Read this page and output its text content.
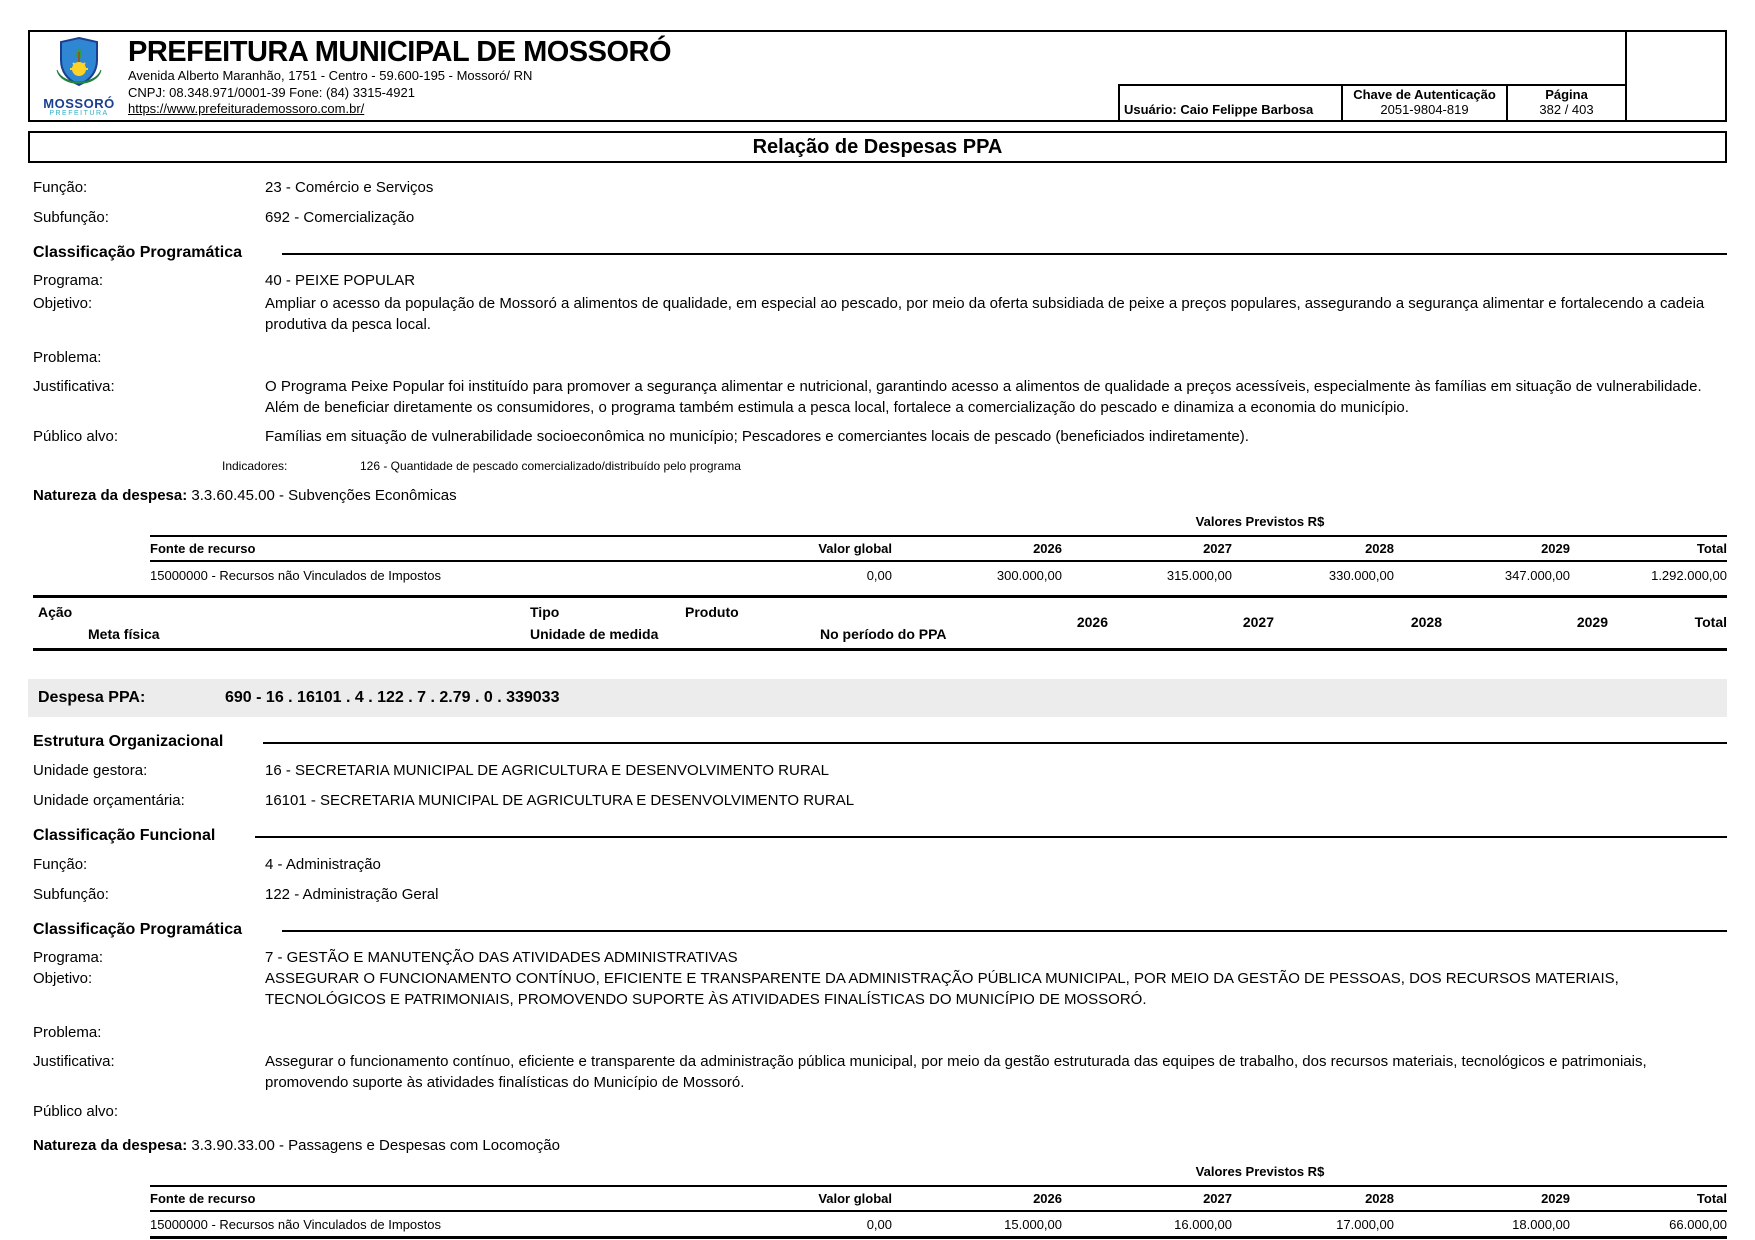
MOSSORÓ
PREFEITURA
PREFEITURA MUNICIPAL DE MOSSORÓ
Avenida Alberto Maranhão, 1751 - Centro - 59.600-195 - Mossoró/ RN
CNPJ: 08.348.971/0001-39 Fone: (84) 3315-4921
https://www.prefeiturademossoro.com.br/	Usuário: Caio Felippe Barbosa
Chave de Autenticação
2051-9804-819
Página
382 / 403
Relação de Despesas PPA
Função:	23 - Comércio e Serviços
Subfunção:	692 - Comercialização
Classificação Programática
Programa:	40 - PEIXE POPULAR
Objetivo:	Ampliar o acesso da população de Mossoró a alimentos de qualidade, em especial ao pescado, por meio da oferta subsidiada de peixe a preços populares, assegurando a segurança alimentar e fortalecendo a cadeia produtiva da pesca local.
Problema:
Justificativa:	O Programa Peixe Popular foi instituído para promover a segurança alimentar e nutricional, garantindo acesso a alimentos de qualidade a preços acessíveis, especialmente às famílias em situação de vulnerabilidade. Além de beneficiar diretamente os consumidores, o programa também estimula a pesca local, fortalece a comercialização do pescado e dinamiza a economia do município.
Público alvo:	Famílias em situação de vulnerabilidade socioeconômica no município; Pescadores e comerciantes locais de pescado (beneficiados indiretamente).
Indicadores:	126 - Quantidade de pescado comercializado/distribuído pelo programa
Natureza da despesa: 3.3.60.45.00 - Subvenções Econômicas
Valores Previstos R$
Fonte de recurso	Valor global	2026	2027	2028	2029	Total
15000000 - Recursos não Vinculados de Impostos	0,00	300.000,00	315.000,00	330.000,00	347.000,00	1.292.000,00
Ação	Tipo	Produto
Meta física	Unidade de medida	No período do PPA
2026	2027	2028	2029	Total
Despesa PPA:	690 - 16 . 16101 . 4 . 122 . 7 . 2.79 . 0 . 339033
Estrutura Organizacional
Unidade gestora:	16 - SECRETARIA MUNICIPAL DE AGRICULTURA E DESENVOLVIMENTO RURAL
Unidade orçamentária:	16101 - SECRETARIA MUNICIPAL DE AGRICULTURA E DESENVOLVIMENTO RURAL
Classificação Funcional
Função:	4 - Administração
Subfunção:	122 - Administração Geral
Classificação Programática
Programa:	7 - GESTÃO E MANUTENÇÃO DAS ATIVIDADES ADMINISTRATIVAS
Objetivo:	ASSEGURAR O FUNCIONAMENTO CONTÍNUO, EFICIENTE E TRANSPARENTE DA ADMINISTRAÇÃO PÚBLICA MUNICIPAL, POR MEIO DA GESTÃO DE PESSOAS, DOS RECURSOS MATERIAIS, TECNOLÓGICOS E PATRIMONIAIS, PROMOVENDO SUPORTE ÀS ATIVIDADES FINALÍSTICAS DO MUNICÍPIO DE MOSSORÓ.
Problema:
Justificativa:	Assegurar o funcionamento contínuo, eficiente e transparente da administração pública municipal, por meio da gestão estruturada das equipes de trabalho, dos recursos materiais, tecnológicos e patrimoniais, promovendo suporte às atividades finalísticas do Município de Mossoró.
Público alvo:
Natureza da despesa: 3.3.90.33.00 - Passagens e Despesas com Locomoção
Valores Previstos R$
Fonte de recurso	Valor global	2026	2027	2028	2029	Total
15000000 - Recursos não Vinculados de Impostos	0,00	15.000,00	16.000,00	17.000,00	18.000,00	66.000,00
